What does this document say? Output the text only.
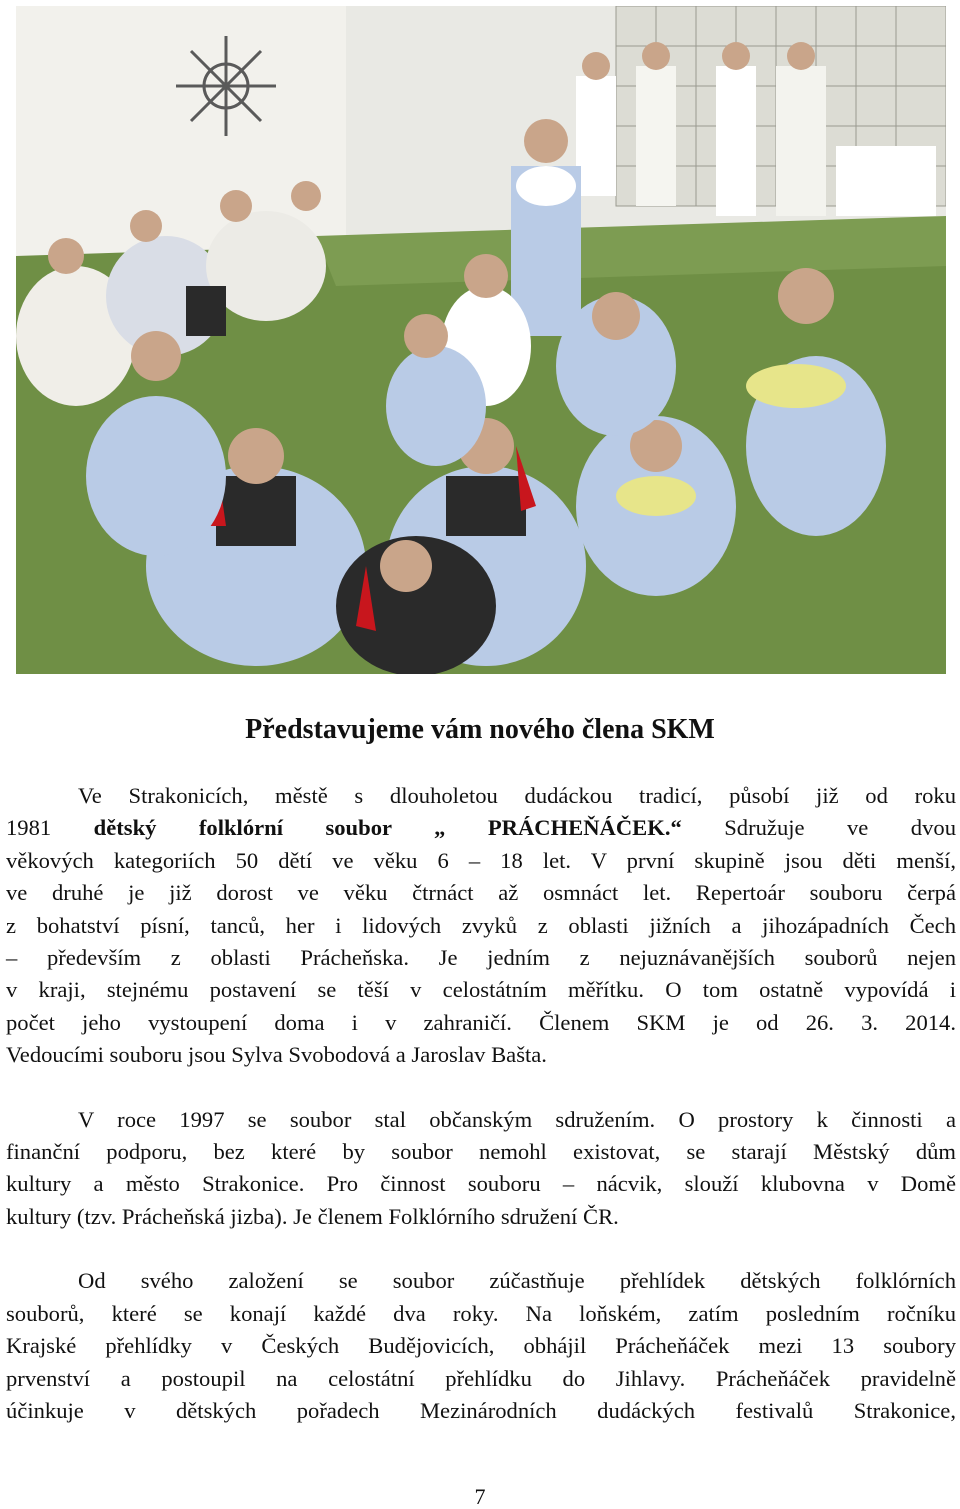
Představujeme vám nového člena SKM

Ve Strakonicích, městě s dlouholetou dudáckou tradicí, působí již od roku
1981 dětský folklórní soubor „ PRÁCHEŇÁČEK.“ Sdružuje ve dvou
věkových kategoriích 50 dětí ve věku 6 – 18 let. V první skupině jsou děti menší,
ve druhé je již dorost ve věku čtrnáct až osmnáct let. Repertoár souboru čerpá
z bohatství písní, tanců, her i lidových zvyků z oblasti jižních a jihozápadních Čech
– především z oblasti Prácheňska. Je jedním z nejuznávanějších souborů nejen
v kraji, stejnému postavení se těší v celostátním měřítku. O tom ostatně vypovídá i
počet jeho vystoupení doma i v zahraničí. Členem SKM je od 26. 3. 2014.
Vedoucími souboru jsou Sylva Svobodová a Jaroslav Bašta.

V roce 1997 se soubor stal občanským sdružením. O prostory k činnosti a
finanční podporu, bez které by soubor nemohl existovat, se starají Městský dům
kultury a město Strakonice. Pro činnost souboru – nácvik, slouží klubovna v Domě
kultury (tzv. Prácheňská jizba). Je členem Folklórního sdružení ČR.

Od svého založení se soubor zúčastňuje přehlídek dětských folklórních
souborů, které se konají každé dva roky. Na loňském, zatím posledním ročníku
Krajské přehlídky v Českých Budějovicích, obhájil Prácheňáček mezi 13 soubory
prvenství a postoupil na celostátní přehlídku do Jihlavy. Prácheňáček pravidelně
účinkuje v dětských pořadech Mezinárodních dudáckých festivalů Strakonice,

7
